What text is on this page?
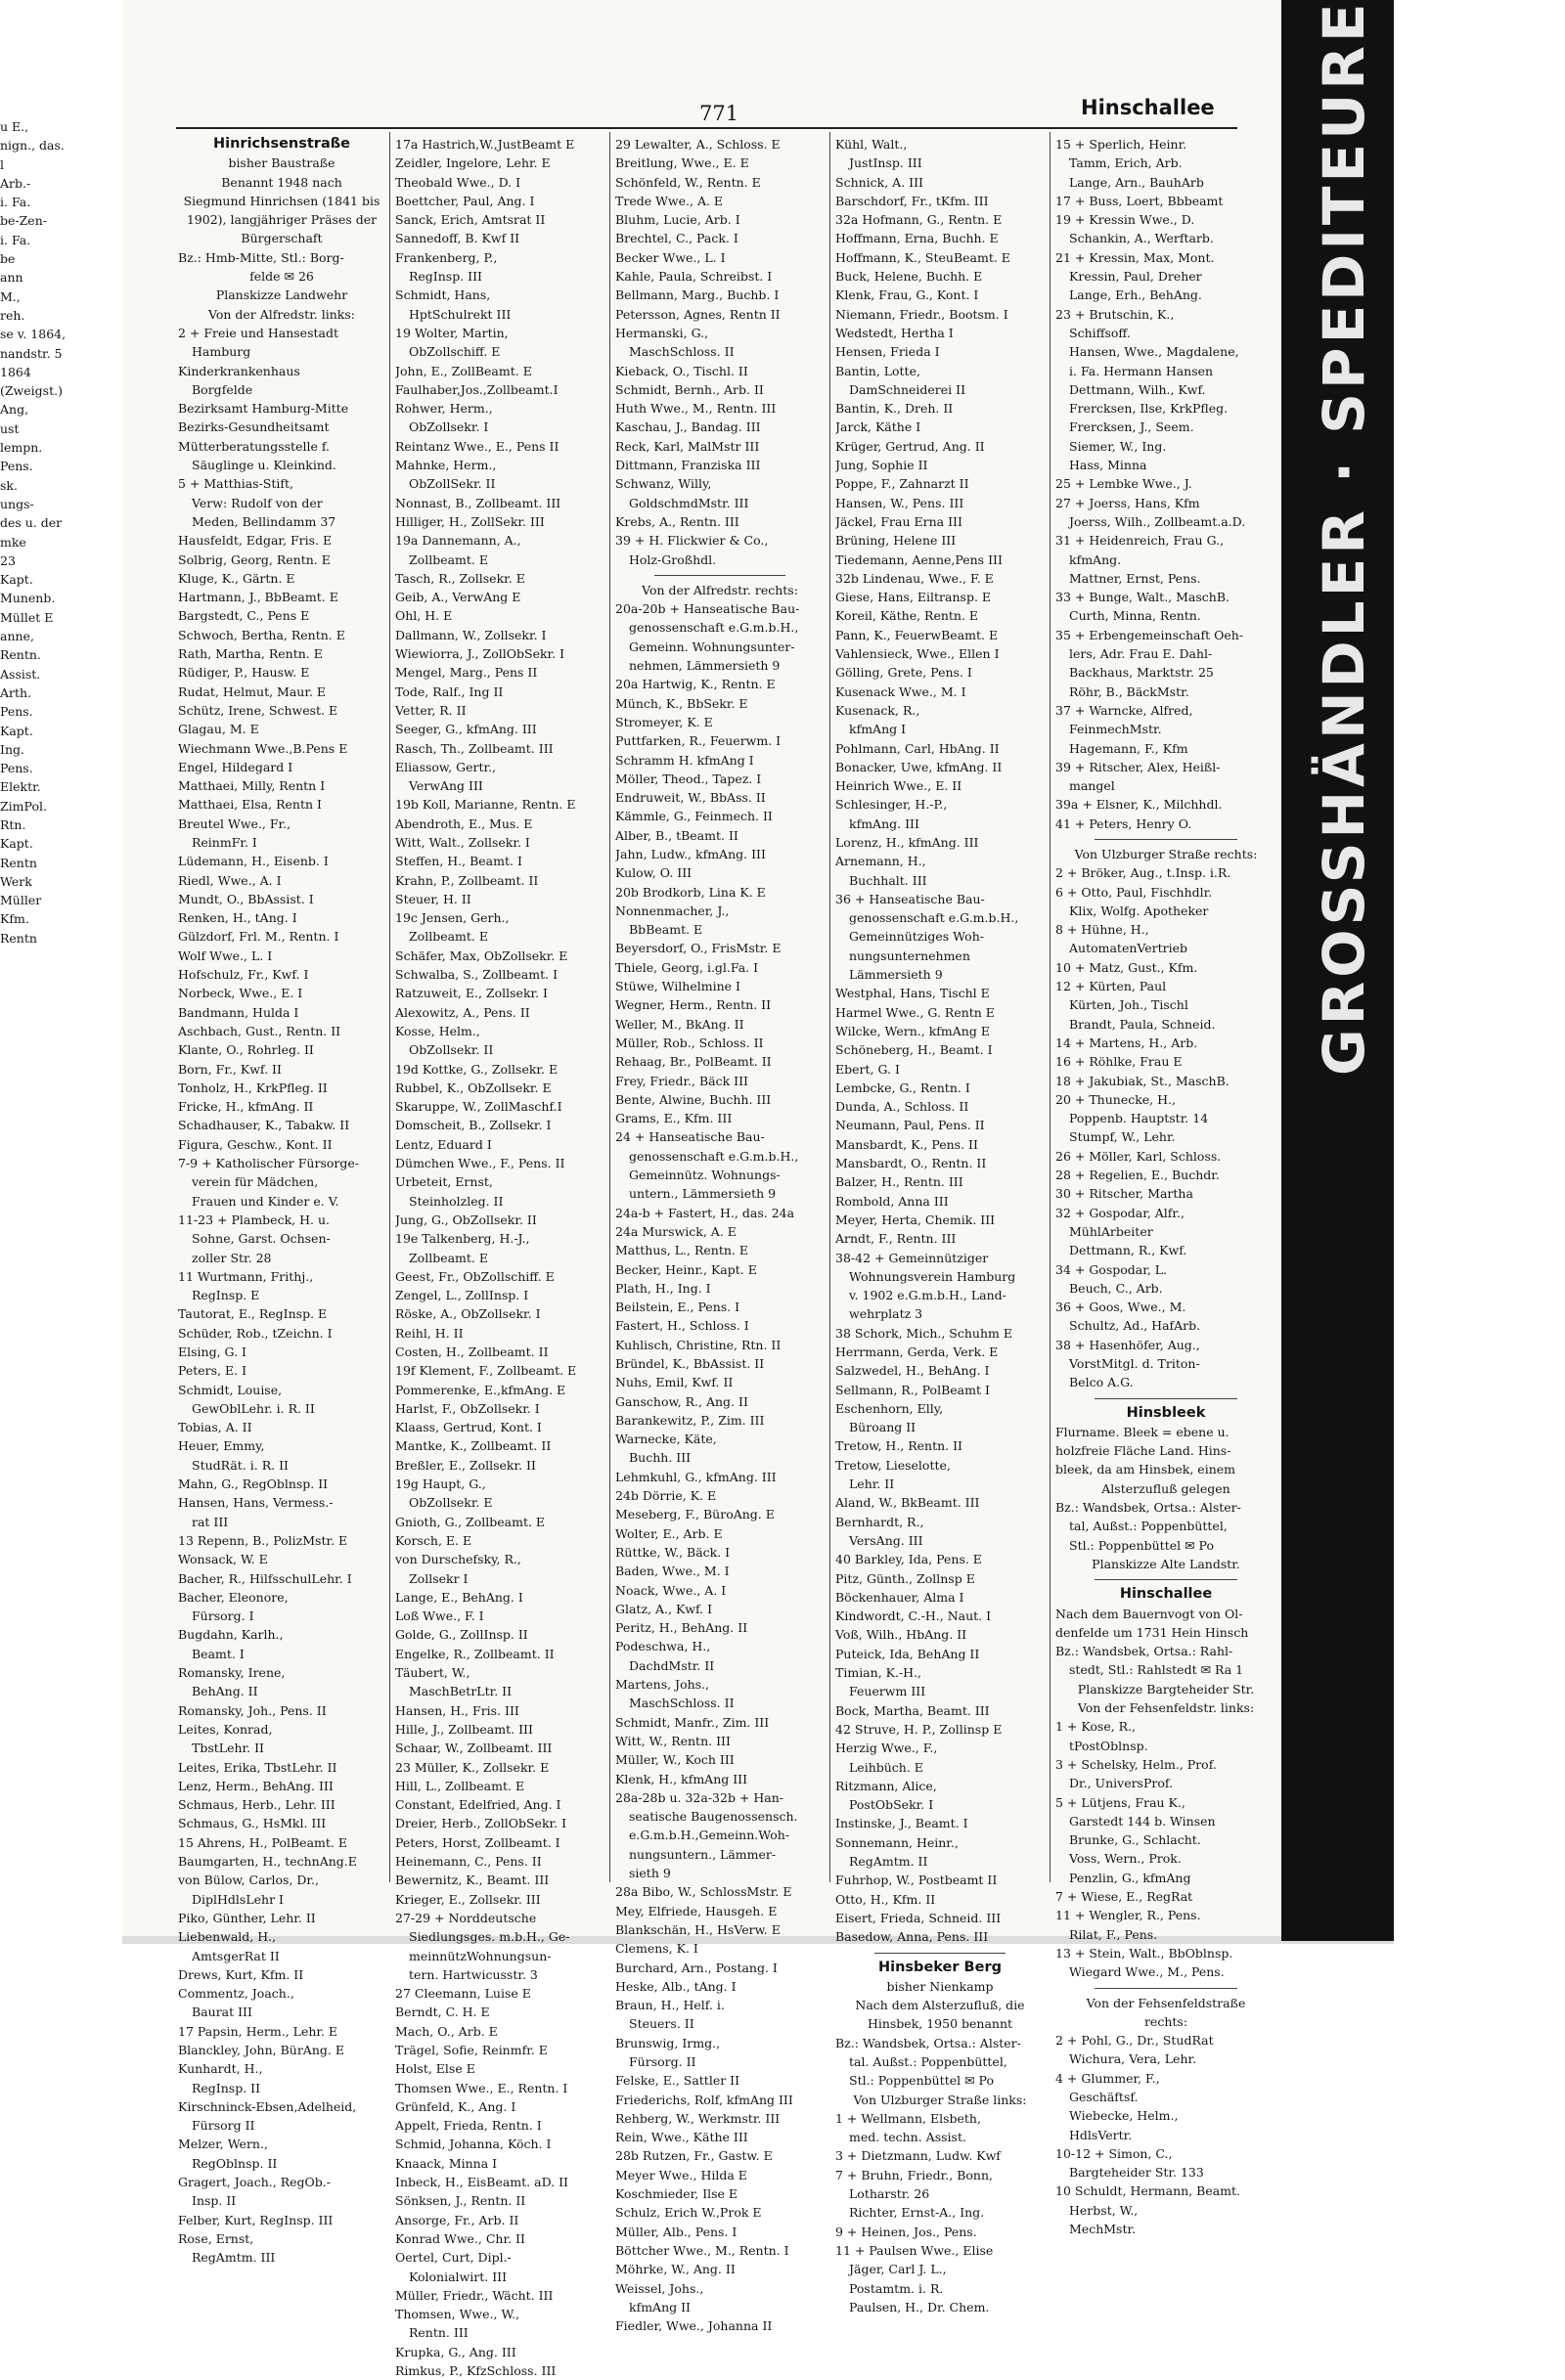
u E.,
nign., das.
l
Arb.-
i. Fa.
be-Zen-
i. Fa.
be
ann
M.,
reh.
se v. 1864,
nandstr. 5
1864
(Zweigst.)
Ang,
ust
lempn.
Pens.
sk.
ungs-
des u. der
mke
23
Kapt.
Munenb.
Müllet E
anne,
Rentn.
Assist.
Arth.
Pens.
Kapt.
Ing.
Pens.
Elektr.
ZimPol.
Rtn.
Kapt.
Rentn
Werk
Müller
Kfm.
Rentn	GROSSHÄNDLER · SPEDITEURE
771	Hinschallee
Hinrichsenstraße
bisher Baustraße
Benannt 1948 nach
Siegmund Hinrichsen (1841 bis
1902), langjähriger Präses der
Bürgerschaft
Bz.: Hmb-Mitte, Stl.: Borg-
felde ✉ 26
Planskizze Landwehr
Von der Alfredstr. links:
2 + Freie und Hansestadt
Hamburg
Kinderkrankenhaus
Borgfelde
Bezirksamt Hamburg-Mitte
Bezirks-Gesundheitsamt
Mütterberatungsstelle f.
Säuglinge u. Kleinkind.
5 + Matthias-Stift,
Verw: Rudolf von der
Meden, Bellindamm 37
Hausfeldt, Edgar, Fris. E
Solbrig, Georg, Rentn. E
Kluge, K., Gärtn. E
Hartmann, J., BbBeamt. E
Bargstedt, C., Pens E
Schwoch, Bertha, Rentn. E
Rath, Martha, Rentn. E
Rüdiger, P., Hausw. E
Rudat, Helmut, Maur. E
Schütz, Irene, Schwest. E
Glagau, M. E
Wiechmann Wwe.,B.Pens E
Engel, Hildegard I
Matthaei, Milly, Rentn I
Matthaei, Elsa, Rentn I
Breutel Wwe., Fr.,
ReinmFr. I
Lüdemann, H., Eisenb. I
Riedl, Wwe., A. I
Mundt, O., BbAssist. I
Renken, H., tAng. I
Gülzdorf, Frl. M., Rentn. I
Wolf Wwe., L. I
Hofschulz, Fr., Kwf. I
Norbeck, Wwe., E. I
Bandmann, Hulda I
Aschbach, Gust., Rentn. II
Klante, O., Rohrleg. II
Born, Fr., Kwf. II
Tonholz, H., KrkPfleg. II
Fricke, H., kfmAng. II
Schadhauser, K., Tabakw. II
Figura, Geschw., Kont. II
7-9 + Katholischer Fürsorge-
verein für Mädchen,
Frauen und Kinder e. V.
11-23 + Plambeck, H. u.
Sohne, Garst. Ochsen-
zoller Str. 28
11 Wurtmann, Frithj.,
RegInsp. E
Tautorat, E., RegInsp. E
Schüder, Rob., tZeichn. I
Elsing, G. I
Peters, E. I
Schmidt, Louise,
GewOblLehr. i. R. II
Tobias, A. II
Heuer, Emmy,
StudRät. i. R. II
Mahn, G., RegOblnsp. II
Hansen, Hans, Vermess.-
rat III
13 Repenn, B., PolizMstr. E
Wonsack, W. E
Bacher, R., HilfsschulLehr. I
Bacher, Eleonore,
Fürsorg. I
Bugdahn, Karlh.,
Beamt. I
Romansky, Irene,
BehAng. II
Romansky, Joh., Pens. II
Leites, Konrad,
TbstLehr. II
Leites, Erika, TbstLehr. II
Lenz, Herm., BehAng. III
Schmaus, Herb., Lehr. III
Schmaus, G., HsMkl. III
15 Ahrens, H., PolBeamt. E
Baumgarten, H., technAng.E
von Bülow, Carlos, Dr.,
DiplHdlsLehr I
Piko, Günther, Lehr. II
Liebenwald, H.,
AmtsgerRat II
Drews, Kurt, Kfm. II
Commentz, Joach.,
Baurat III
17 Papsin, Herm., Lehr. E
Blanckley, John, BürAng. E
Kunhardt, H.,
RegInsp. II
Kirschninck-Ebsen,Adelheid,
Fürsorg II
Melzer, Wern.,
RegOblnsp. II
Gragert, Joach., RegOb.-
Insp. II
Felber, Kurt, RegInsp. III
Rose, Ernst,
RegAmtm. III
17a Hastrich,W.,JustBeamt E
Zeidler, Ingelore, Lehr. E
Theobald Wwe., D. I
Boettcher, Paul, Ang. I
Sanck, Erich, Amtsrat II
Sannedoff, B. Kwf II
Frankenberg, P.,
RegInsp. III
Schmidt, Hans,
HptSchulrekt III
19 Wolter, Martin,
ObZollschiff. E
John, E., ZollBeamt. E
Faulhaber,Jos.,Zollbeamt.I
Rohwer, Herm.,
ObZollsekr. I
Reintanz Wwe., E., Pens II
Mahnke, Herm.,
ObZollSekr. II
Nonnast, B., Zollbeamt. III
Hilliger, H., ZollSekr. III
19a Dannemann, A.,
Zollbeamt. E
Tasch, R., Zollsekr. E
Geib, A., VerwAng E
Ohl, H. E
Dallmann, W., Zollsekr. I
Wiewiorra, J., ZollObSekr. I
Mengel, Marg., Pens II
Tode, Ralf., Ing II
Vetter, R. II
Seeger, G., kfmAng. III
Rasch, Th., Zollbeamt. III
Eliassow, Gertr.,
VerwAng III
19b Koll, Marianne, Rentn. E
Abendroth, E., Mus. E
Witt, Walt., Zollsekr. I
Steffen, H., Beamt. I
Krahn, P., Zollbeamt. II
Steuer, H. II
19c Jensen, Gerh.,
Zollbeamt. E
Schäfer, Max, ObZollsekr. E
Schwalba, S., Zollbeamt. I
Ratzuweit, E., Zollsekr. I
Alexowitz, A., Pens. II
Kosse, Helm.,
ObZollsekr. II
19d Kottke, G., Zollsekr. E
Rubbel, K., ObZollsekr. E
Skaruppe, W., ZollMaschf.I
Domscheit, B., Zollsekr. I
Lentz, Eduard I
Dümchen Wwe., F., Pens. II
Urbeteit, Ernst,
Steinholzleg. II
Jung, G., ObZollsekr. II
19e Talkenberg, H.-J.,
Zollbeamt. E
Geest, Fr., ObZollschiff. E
Zengel, L., ZollInsp. I
Röske, A., ObZollsekr. I
Reihl, H. II
Costen, H., Zollbeamt. II
19f Klement, F., Zollbeamt. E
Pommerenke, E.,kfmAng. E
Harlst, F., ObZollsekr. I
Klaass, Gertrud, Kont. I
Mantke, K., Zollbeamt. II
Breßler, E., Zollsekr. II
19g Haupt, G.,
ObZollsekr. E
Gnioth, G., Zollbeamt. E
Korsch, E. E
von Durschefsky, R.,
Zollsekr I
Lange, E., BehAng. I
Loß Wwe., F. I
Golde, G., ZollInsp. II
Engelke, R., Zollbeamt. II
Täubert, W.,
MaschBetrLtr. II
Hansen, H., Fris. III
Hille, J., Zollbeamt. III
Schaar, W., Zollbeamt. III
23 Müller, K., Zollsekr. E
Hill, L., Zollbeamt. E
Constant, Edelfried, Ang. I
Dreier, Herb., ZollObSekr. I
Peters, Horst, Zollbeamt. I
Heinemann, C., Pens. II
Bewernitz, K., Beamt. III
Krieger, E., Zollsekr. III
27-29 + Norddeutsche
Siedlungsges. m.b.H., Ge-
meinnützWohnungsun-
tern. Hartwicusstr. 3
27 Cleemann, Luise E
Berndt, C. H. E
Mach, O., Arb. E
Trägel, Sofie, Reinmfr. E
Holst, Else E
Thomsen Wwe., E., Rentn. I
Grünfeld, K., Ang. I
Appelt, Frieda, Rentn. I
Schmid, Johanna, Köch. I
Knaack, Minna I
Inbeck, H., EisBeamt. aD. II
Sönksen, J., Rentn. II
Ansorge, Fr., Arb. II
Konrad Wwe., Chr. II
Oertel, Curt, Dipl.-
Kolonialwirt. III
Müller, Friedr., Wächt. III
Thomsen, Wwe., W.,
Rentn. III
Krupka, G., Ang. III
Rimkus, P., KfzSchloss. III
29 Lewalter, A., Schloss. E
Breitlung, Wwe., E. E
Schönfeld, W., Rentn. E
Trede Wwe., A. E
Bluhm, Lucie, Arb. I
Brechtel, C., Pack. I
Becker Wwe., L. I
Kahle, Paula, Schreibst. I
Bellmann, Marg., Buchb. I
Petersson, Agnes, Rentn II
Hermanski, G.,
MaschSchloss. II
Kieback, O., Tischl. II
Schmidt, Bernh., Arb. II
Huth Wwe., M., Rentn. III
Kaschau, J., Bandag. III
Reck, Karl, MalMstr III
Dittmann, Franziska III
Schwanz, Willy,
GoldschmdMstr. III
Krebs, A., Rentn. III
39 + H. Flickwier & Co.,
Holz-Großhdl.
Von der Alfredstr. rechts:
20a-20b + Hanseatische Bau-
genossenschaft e.G.m.b.H.,
Gemeinn. Wohnungsunter-
nehmen, Lämmersieth 9
20a Hartwig, K., Rentn. E
Münch, K., BbSekr. E
Stromeyer, K. E
Puttfarken, R., Feuerwm. I
Schramm H. kfmAng I
Möller, Theod., Tapez. I
Endruweit, W., BbAss. II
Kämmle, G., Feinmech. II
Alber, B., tBeamt. II
Jahn, Ludw., kfmAng. III
Kulow, O. III
20b Brodkorb, Lina K. E
Nonnenmacher, J.,
BbBeamt. E
Beyersdorf, O., FrisMstr. E
Thiele, Georg, i.gl.Fa. I
Stüwe, Wilhelmine I
Wegner, Herm., Rentn. II
Weller, M., BkAng. II
Müller, Rob., Schloss. II
Rehaag, Br., PolBeamt. II
Frey, Friedr., Bäck III
Bente, Alwine, Buchh. III
Grams, E., Kfm. III
24 + Hanseatische Bau-
genossenschaft e.G.m.b.H.,
Gemeinnütz. Wohnungs-
untern., Lämmersieth 9
24a-b + Fastert, H., das. 24a
24a Murswick, A. E
Matthus, L., Rentn. E
Becker, Heinr., Kapt. E
Plath, H., Ing. I
Beilstein, E., Pens. I
Fastert, H., Schloss. I
Kuhlisch, Christine, Rtn. II
Bründel, K., BbAssist. II
Nuhs, Emil, Kwf. II
Ganschow, R., Ang. II
Barankewitz, P., Zim. III
Warnecke, Käte,
Buchh. III
Lehmkuhl, G., kfmAng. III
24b Dörrie, K. E
Meseberg, F., BüroAng. E
Wolter, E., Arb. E
Rüttke, W., Bäck. I
Baden, Wwe., M. I
Noack, Wwe., A. I
Glatz, A., Kwf. I
Peritz, H., BehAng. II
Podeschwa, H.,
DachdMstr. II
Martens, Johs.,
MaschSchloss. II
Schmidt, Manfr., Zim. III
Witt, W., Rentn. III
Müller, W., Koch III
Klenk, H., kfmAng III
28a-28b u. 32a-32b + Han-
seatische Baugenossensch.
e.G.m.b.H.,Gemeinn.Woh-
nungsuntern., Lämmer-
sieth 9
28a Bibo, W., SchlossMstr. E
Mey, Elfriede, Hausgeh. E
Blankschän, H., HsVerw. E
Clemens, K. I
Burchard, Arn., Postang. I
Heske, Alb., tAng. I
Braun, H., Helf. i.
Steuers. II
Brunswig, Irmg.,
Fürsorg. II
Felske, E., Sattler II
Friederichs, Rolf, kfmAng III
Rehberg, W., Werkmstr. III
Rein, Wwe., Käthe III
28b Rutzen, Fr., Gastw. E
Meyer Wwe., Hilda E
Koschmieder, Ilse E
Schulz, Erich W.,Prok E
Müller, Alb., Pens. I
Böttcher Wwe., M., Rentn. I
Möhrke, W., Ang. II
Weissel, Johs.,
kfmAng II
Fiedler, Wwe., Johanna II
Kühl, Walt.,
JustInsp. III
Schnick, A. III
Barschdorf, Fr., tKfm. III
32a Hofmann, G., Rentn. E
Hoffmann, Erna, Buchh. E
Hoffmann, K., SteuBeamt. E
Buck, Helene, Buchh. E
Klenk, Frau, G., Kont. I
Niemann, Friedr., Bootsm. I
Wedstedt, Hertha I
Hensen, Frieda I
Bantin, Lotte,
DamSchneiderei II
Bantin, K., Dreh. II
Jarck, Käthe I
Krüger, Gertrud, Ang. II
Jung, Sophie II
Poppe, F., Zahnarzt II
Hansen, W., Pens. III
Jäckel, Frau Erna III
Brüning, Helene III
Tiedemann, Aenne,Pens III
32b Lindenau, Wwe., F. E
Giese, Hans, Eiltransp. E
Koreil, Käthe, Rentn. E
Pann, K., FeuerwBeamt. E
Vahlensieck, Wwe., Ellen I
Gölling, Grete, Pens. I
Kusenack Wwe., M. I
Kusenack, R.,
kfmAng I
Pohlmann, Carl, HbAng. II
Bonacker, Uwe, kfmAng. II
Heinrich Wwe., E. II
Schlesinger, H.-P.,
kfmAng. III
Lorenz, H., kfmAng. III
Arnemann, H.,
Buchhalt. III
36 + Hanseatische Bau-
genossenschaft e.G.m.b.H.,
Gemeinnütziges Woh-
nungsunternehmen
Lämmersieth 9
Westphal, Hans, Tischl E
Harmel Wwe., G. Rentn E
Wilcke, Wern., kfmAng E
Schöneberg, H., Beamt. I
Ebert, G. I
Lembcke, G., Rentn. I
Dunda, A., Schloss. II
Neumann, Paul, Pens. II
Mansbardt, K., Pens. II
Mansbardt, O., Rentn. II
Balzer, H., Rentn. III
Rombold, Anna III
Meyer, Herta, Chemik. III
Arndt, F., Rentn. III
38-42 + Gemeinnütziger
Wohnungsverein Hamburg
v. 1902 e.G.m.b.H., Land-
wehrplatz 3
38 Schork, Mich., Schuhm E
Herrmann, Gerda, Verk. E
Salzwedel, H., BehAng. I
Sellmann, R., PolBeamt I
Eschenhorn, Elly,
Büroang II
Tretow, H., Rentn. II
Tretow, Lieselotte,
Lehr. II
Aland, W., BkBeamt. III
Bernhardt, R.,
VersAng. III
40 Barkley, Ida, Pens. E
Pitz, Günth., Zollnsp E
Böckenhauer, Alma I
Kindwordt, C.-H., Naut. I
Voß, Wilh., HbAng. II
Puteick, Ida, BehAng II
Timian, K.-H.,
Feuerwm III
Bock, Martha, Beamt. III
42 Struve, H. P., Zollinsp E
Herzig Wwe., F.,
Leihbüch. E
Ritzmann, Alice,
PostObSekr. I
Instinske, J., Beamt. I
Sonnemann, Heinr.,
RegAmtm. II
Fuhrhop, W., Postbeamt II
Otto, H., Kfm. II
Eisert, Frieda, Schneid. III
Basedow, Anna, Pens. III
Hinsbeker Berg
bisher Nienkamp
Nach dem Alsterzufluß, die
Hinsbek, 1950 benannt
Bz.: Wandsbek, Ortsa.: Alster-
tal. Außst.: Poppenbüttel,
Stl.: Poppenbüttel ✉ Po
Von Ulzburger Straße links:
1 + Wellmann, Elsbeth,
med. techn. Assist.
3 + Dietzmann, Ludw. Kwf
7 + Bruhn, Friedr., Bonn,
Lotharstr. 26
Richter, Ernst-A., Ing.
9 + Heinen, Jos., Pens.
11 + Paulsen Wwe., Elise
Jäger, Carl J. L.,
Postamtm. i. R.
Paulsen, H., Dr. Chem.
15 + Sperlich, Heinr.
Tamm, Erich, Arb.
Lange, Arn., BauhArb
17 + Buss, Loert, Bbbeamt
19 + Kressin Wwe., D.
Schankin, A., Werftarb.
21 + Kressin, Max, Mont.
Kressin, Paul, Dreher
Lange, Erh., BehAng.
23 + Brutschin, K.,
Schiffsoff.
Hansen, Wwe., Magdalene,
i. Fa. Hermann Hansen
Dettmann, Wilh., Kwf.
Frercksen, Ilse, KrkPfleg.
Frercksen, J., Seem.
Siemer, W., Ing.
Hass, Minna
25 + Lembke Wwe., J.
27 + Joerss, Hans, Kfm
Joerss, Wilh., Zollbeamt.a.D.
31 + Heidenreich, Frau G.,
kfmAng.
Mattner, Ernst, Pens.
33 + Bunge, Walt., MaschB.
Curth, Minna, Rentn.
35 + Erbengemeinschaft Oeh-
lers, Adr. Frau E. Dahl-
Backhaus, Marktstr. 25
Röhr, B., BäckMstr.
37 + Warncke, Alfred,
FeinmechMstr.
Hagemann, F., Kfm
39 + Ritscher, Alex, Heißl-
mangel
39a + Elsner, K., Milchhdl.
41 + Peters, Henry O.
Von Ulzburger Straße rechts:
2 + Bröker, Aug., t.Insp. i.R.
6 + Otto, Paul, Fischhdlr.
Klix, Wolfg. Apotheker
8 + Hühne, H.,
AutomatenVertrieb
10 + Matz, Gust., Kfm.
12 + Kürten, Paul
Kürten, Joh., Tischl
Brandt, Paula, Schneid.
14 + Martens, H., Arb.
16 + Röhlke, Frau E
18 + Jakubiak, St., MaschB.
20 + Thunecke, H.,
Poppenb. Hauptstr. 14
Stumpf, W., Lehr.
26 + Möller, Karl, Schloss.
28 + Regelien, E., Buchdr.
30 + Ritscher, Martha
32 + Gospodar, Alfr.,
MühlArbeiter
Dettmann, R., Kwf.
34 + Gospodar, L.
Beuch, C., Arb.
36 + Goos, Wwe., M.
Schultz, Ad., HafArb.
38 + Hasenhöfer, Aug.,
VorstMitgl. d. Triton-
Belco A.G.
Hinsbleek
Flurname. Bleek = ebene u.
holzfreie Fläche Land. Hins-
bleek, da am Hinsbek, einem
Alsterzufluß gelegen
Bz.: Wandsbek, Ortsa.: Alster-
tal, Außst.: Poppenbüttel,
Stl.: Poppenbüttel ✉ Po
Planskizze Alte Landstr.
Hinschallee
Nach dem Bauernvogt von Ol-
denfelde um 1731 Hein Hinsch
Bz.: Wandsbek, Ortsa.: Rahl-
stedt, Stl.: Rahlstedt ✉ Ra 1
Planskizze Bargteheider Str.
Von der Fehsenfeldstr. links:
1 + Kose, R.,
tPostOblnsp.
3 + Schelsky, Helm., Prof.
Dr., UniversProf.
5 + Lütjens, Frau K.,
Garstedt 144 b. Winsen
Brunke, G., Schlacht.
Voss, Wern., Prok.
Penzlin, G., kfmAng
7 + Wiese, E., RegRat
11 + Wengler, R., Pens.
Rilat, F., Pens.
13 + Stein, Walt., BbOblnsp.
Wiegard Wwe., M., Pens.
Von der Fehsenfeldstraße
rechts:
2 + Pohl, G., Dr., StudRat
Wichura, Vera, Lehr.
4 + Glummer, F.,
Geschäftsf.
Wiebecke, Helm.,
HdlsVertr.
10-12 + Simon, C.,
Bargteheider Str. 133
10 Schuldt, Hermann, Beamt.
Herbst, W.,
MechMstr.
